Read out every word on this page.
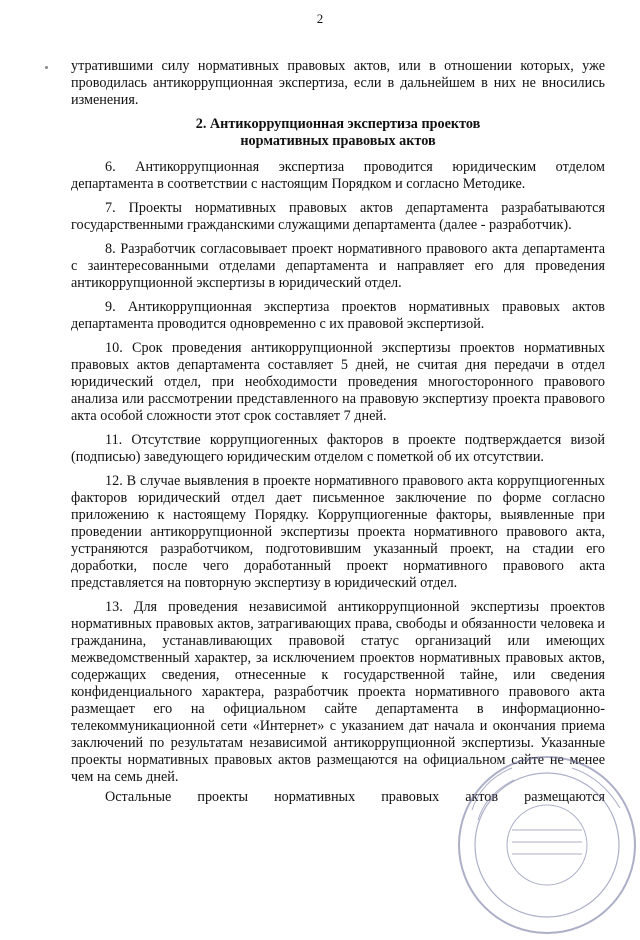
2

утратившими силу нормативных правовых актов, или в отношении которых, уже проводилась антикоррупционная экспертиза, если в дальнейшем в них не вносились изменения.

2. Антикоррупционная экспертиза проектов
нормативных правовых актов

6. Антикоррупционная экспертиза проводится юридическим отделом департамента в соответствии с настоящим Порядком и согласно Методике.

7. Проекты нормативных правовых актов департамента разрабатываются государственными гражданскими служащими департамента (далее - разработчик).

8. Разработчик согласовывает проект нормативного правового акта департамента с заинтересованными отделами департамента и направляет его для проведения антикоррупционной экспертизы в юридический отдел.

9. Антикоррупционная экспертиза проектов нормативных правовых актов департамента проводится одновременно с их правовой экспертизой.

10. Срок проведения антикоррупционной экспертизы проектов нормативных правовых актов департамента составляет 5 дней, не считая дня передачи в отдел юридический отдел, при необходимости проведения многосторонного правового анализа или рассмотрении представленного на правовую экспертизу проекта правового акта особой сложности этот срок составляет 7 дней.

11. Отсутствие коррупциогенных факторов в проекте подтверждается визой (подписью) заведующего юридическим отделом с пометкой об их отсутствии.

12. В случае выявления в проекте нормативного правового акта коррупциогенных факторов юридический отдел дает письменное заключение по форме согласно приложению к настоящему Порядку. Коррупциогенные факторы, выявленные при проведении антикоррупционной экспертизы проекта нормативного правового акта, устраняются разработчиком, подготовившим указанный проект, на стадии его доработки, после чего доработанный проект нормативного правового акта представляется на повторную экспертизу в юридический отдел.

13. Для проведения независимой антикоррупционной экспертизы проектов нормативных правовых актов, затрагивающих права, свободы и обязанности человека и гражданина, устанавливающих правовой статус организаций или имеющих межведомственный характер, за исключением проектов нормативных правовых актов, содержащих сведения, отнесенные к государственной тайне, или сведения конфиденциального характера, разработчик проекта нормативного правового акта размещает его на официальном сайте департамента в информационно-телекоммуникационной сети «Интернет» с указанием дат начала и окончания приема заключений по результатам независимой антикоррупционной экспертизы. Указанные проекты нормативных правовых актов размещаются на официальном сайте не менее чем на семь дней.

Остальные проекты нормативных правовых актов размещаются
